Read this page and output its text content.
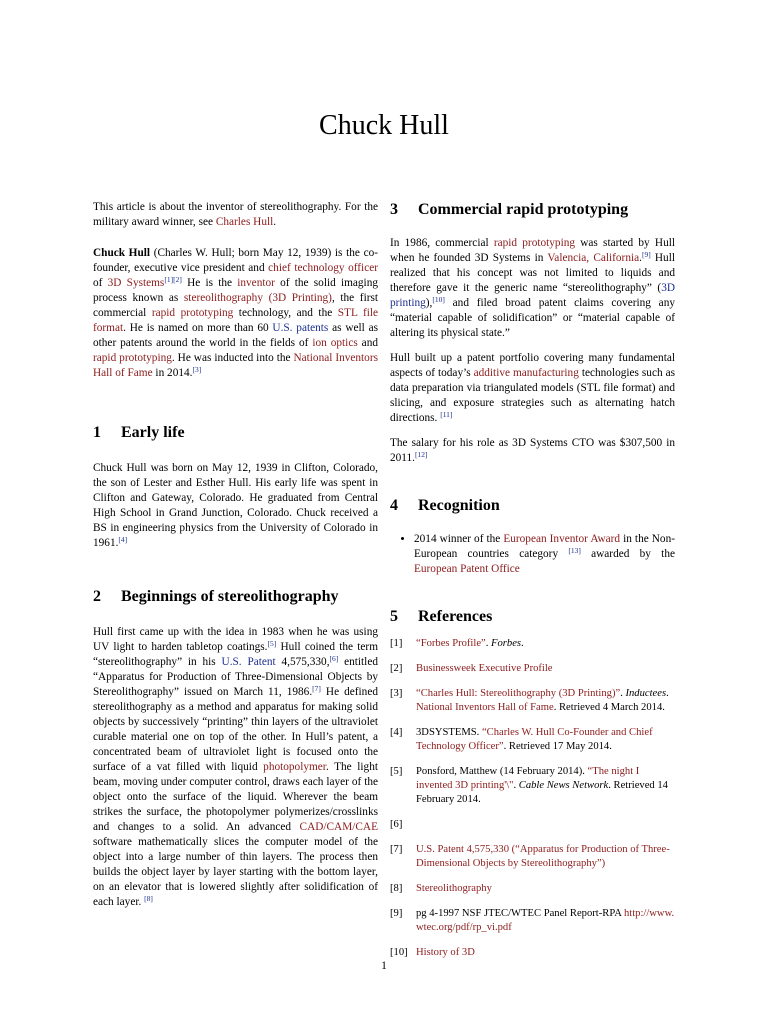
Chuck Hull

This article is about the inventor of stereolithography. For the military award winner, see Charles Hull.

Chuck Hull (Charles W. Hull; born May 12, 1939) is the co-founder, executive vice president and chief technology officer of 3D Systems[1][2] He is the inventor of the solid imaging process known as stereolithography (3D Printing), the first commercial rapid prototyping technology, and the STL file format. He is named on more than 60 U.S. patents as well as other patents around the world in the fields of ion optics and rapid prototyping. He was inducted into the National Inventors Hall of Fame in 2014.[3]

1 Early life

Chuck Hull was born on May 12, 1939 in Clifton, Colorado, the son of Lester and Esther Hull. His early life was spent in Clifton and Gateway, Colorado. He graduated from Central High School in Grand Junction, Colorado. Chuck received a BS in engineering physics from the University of Colorado in 1961.[4]

2 Beginnings of stereolithography

Hull first came up with the idea in 1983 when he was using UV light to harden tabletop coatings.[5] Hull coined the term “stereolithography” in his U.S. Patent 4,575,330,[6] entitled “Apparatus for Production of Three-Dimensional Objects by Stereolithography” issued on March 11, 1986.[7] He defined stereolithography as a method and apparatus for making solid objects by successively “printing” thin layers of the ultraviolet curable material one on top of the other. In Hull’s patent, a concentrated beam of ultraviolet light is focused onto the surface of a vat filled with liquid photopolymer. The light beam, moving under computer control, draws each layer of the object onto the surface of the liquid. Wherever the beam strikes the surface, the photopolymer polymerizes/crosslinks and changes to a solid. An advanced CAD/CAM/CAE software mathematically slices the computer model of the object into a large number of thin layers. The process then builds the object layer by layer starting with the bottom layer, on an elevator that is lowered slightly after solidification of each layer. [8]

3 Commercial rapid prototyping

In 1986, commercial rapid prototyping was started by Hull when he founded 3D Systems in Valencia, California.[9] Hull realized that his concept was not limited to liquids and therefore gave it the generic name “stereolithography” (3D printing),[10] and filed broad patent claims covering any “material capable of solidification” or “material capable of altering its physical state.”

Hull built up a patent portfolio covering many fundamental aspects of today’s additive manufacturing technologies such as data preparation via triangulated models (STL file format) and slicing, and exposure strategies such as alternating hatch directions. [11]

The salary for his role as 3D Systems CTO was $307,500 in 2011.[12]

4 Recognition
• 2014 winner of the European Inventor Award in the Non-European countries category [13] awarded by the European Patent Office
5 References
[1] “Forbes Profile”. Forbes.
[2] Businessweek Executive Profile
[3] “Charles Hull: Stereolithography (3D Printing)”. Inductees. National Inventors Hall of Fame. Retrieved 4 March 2014.
[4] 3DSYSTEMS. “Charles W. Hull Co-Founder and Chief Technology Officer”. Retrieved 17 May 2014.
[5] Ponsford, Matthew (14 February 2014). “The night I invented 3D printing'\". Cable News Network. Retrieved 14 February 2014.
[6]
[7] U.S. Patent 4,575,330 (“Apparatus for Production of Three-Dimensional Objects by Stereolithography”)
[8] Stereolithography
[9] pg 4-1997 NSF JTEC/WTEC Panel Report-RPA http://www.wtec.org/pdf/rp_vi.pdf
[10] History of 3D
1
